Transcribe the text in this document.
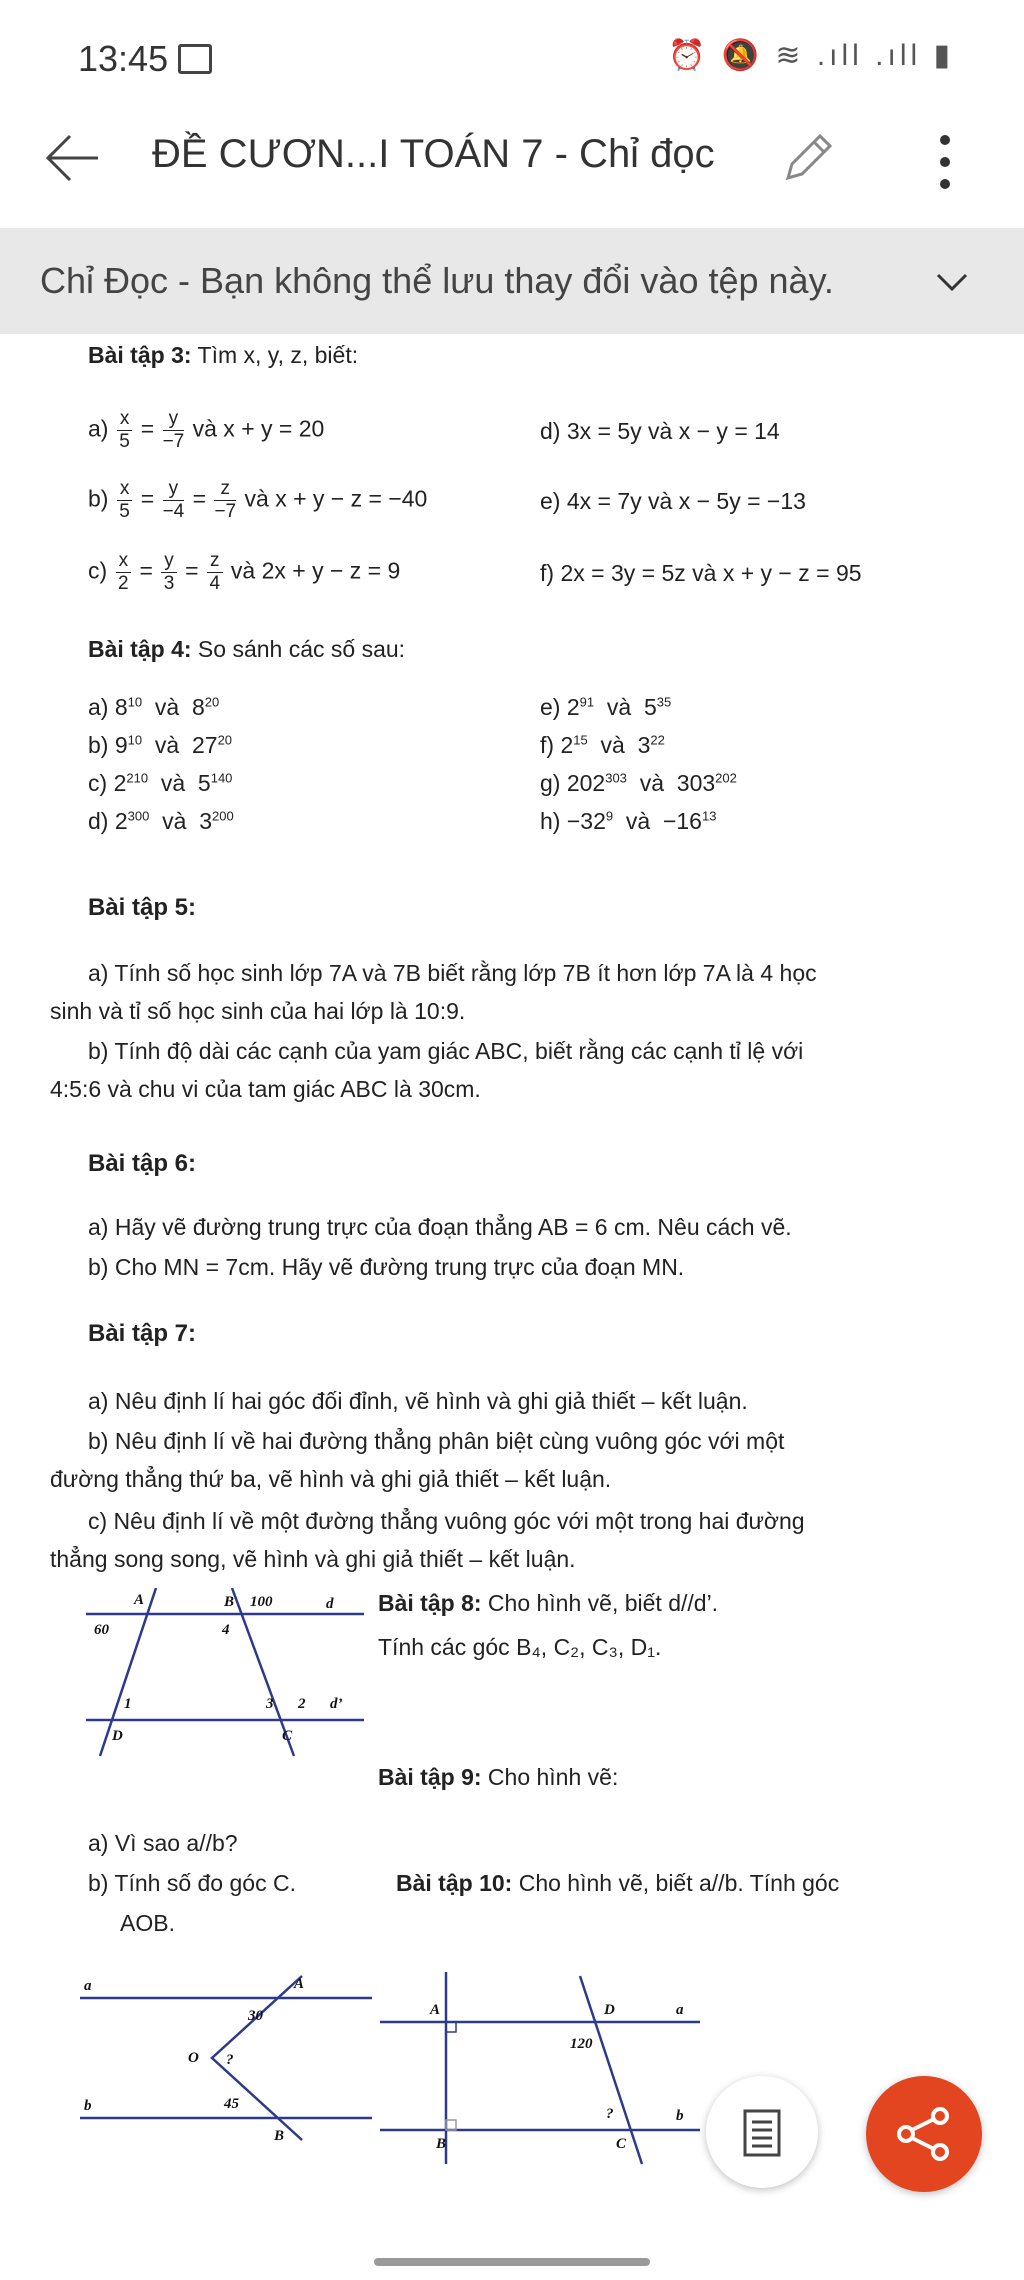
13:45	⏰ 🔕 ≋ .ıll .ıll ▮
ĐỀ CƯƠN...I TOÁN 7 - Chỉ đọc
Chỉ Đọc - Bạn không thể lưu thay đổi vào tệp này.
Bài tập 3: Tìm x, y, z, biết:
$a) \frac{x}{5} = \frac{y}{-7}$ và x + y = 20
$b) \frac{x}{5} = \frac{y}{-4} = \frac{z}{-7}$ và x + y − z = −40
$c) \frac{x}{2} = \frac{y}{3} = \frac{z}{4}$ và 2x + y − z = 9
d) 3x = 5y và x − y = 14
e) 4x = 7y và x − 5y = −13
f) 2x = 3y = 5z và x + y − z = 95
Bài tập 4: So sánh các số sau:
a) $8^{10}$ và $8^{20}$
b) $9^{10}$ và $27^{20}$
c) $2^{210}$ và $5^{140}$
d) $2^{300}$ và $3^{200}$
e) $2^{91}$ và $5^{35}$
f) $2^{15}$ và $3^{22}$
g) $202^{303}$ và $303^{202}$
$h) -32^9$ và $-16^{13}$
Bài tập 5:
a) Tính số học sinh lớp 7A và 7B biết rằng lớp 7B ít hơn lớp 7A là 4 học
sinh và tỉ số học sinh của hai lớp là 10:9.
b) Tính độ dài các cạnh của yam giác ABC, biết rằng các cạnh tỉ lệ với
4:5:6 và chu vi của tam giác ABC là 30cm.
Bài tập 6:
a) Hãy vẽ đường trung trực của đoạn thẳng AB = 6 cm. Nêu cách vẽ.
b) Cho MN = 7cm. Hãy vẽ đường trung trực của đoạn MN.
Bài tập 7:
a) Nêu định lí hai góc đối đỉnh, vẽ hình và ghi giả thiết – kết luận.
b) Nêu định lí về hai đường thẳng phân biệt cùng vuông góc với một
đường thẳng thứ ba, vẽ hình và ghi giả thiết – kết luận.
c) Nêu định lí về một đường thẳng vuông góc với một trong hai đường
thẳng song song, vẽ hình và ghi giả thiết – kết luận.
A	B 100	d
60	4
1	3 2 d’
D	C
Bài tập 8: Cho hình vẽ, biết d//d’.
Tính các góc B₄, C₂, C₃, D₁.
Bài tập 9: Cho hình vẽ:
a) Vì sao a//b?
b) Tính số đo góc C.	Bài tập 10: Cho hình vẽ, biết a//b. Tính góc
AOB.
a	A
30
O ?
b	45
B
A	D	a
120
?	b
B	C
